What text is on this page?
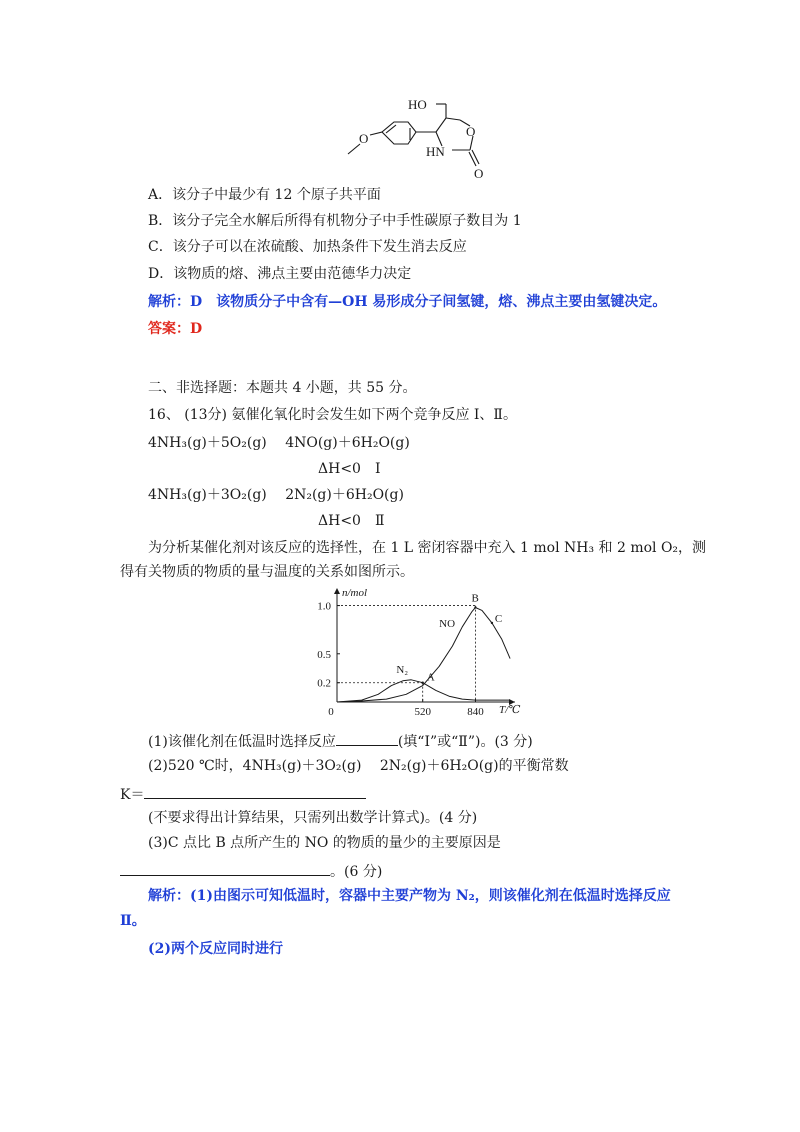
HO
O
HN
O
O
A．该分子中最少有 12 个原子共平面
B．该分子完全水解后所得有机物分子中手性碳原子数目为 1
C．该分子可以在浓硫酸、加热条件下发生消去反应
D．该物质的熔、沸点主要由范德华力决定
解析：D　该物质分子中含有—OH 易形成分子间氢键，熔、沸点主要由氢键决定。
答案：D
二、非选择题：本题共 4 小题，共 55 分。
16、 (13分) 氨催化氧化时会发生如下两个竞争反应 Ⅰ、Ⅱ。
4NH₃(g)＋5O₂(g)　 4NO(g)＋6H₂O(g)
ΔH<0　Ⅰ
4NH₃(g)＋3O₂(g)　 2N₂(g)＋6H₂O(g)
ΔH<0　Ⅱ
为分析某催化剂对该反应的选择性，在 1 L 密闭容器中充入 1 mol NH₃ 和 2 mol O₂，测
得有关物质的物质的量与温度的关系如图所示。
n/mol
T/℃
1.0
0.5
0.2
0	520	840
NO
N₂
A
B
C
(1)该催化剂在低温时选择反应	(填“Ⅰ”或“Ⅱ”)。(3 分)
(2)520 ℃时，4NH₃(g)＋3O₂(g)　 2N₂(g)＋6H₂O(g)的平衡常数
K＝
(不要求得出计算结果，只需列出数学计算式)。(4 分)
(3)C 点比 B 点所产生的 NO 的物质的量少的主要原因是
。(6 分)
解析：(1)由图示可知低温时，容器中主要产物为 N₂，则该催化剂在低温时选择反应
Ⅱ。
(2)两个反应同时进行
